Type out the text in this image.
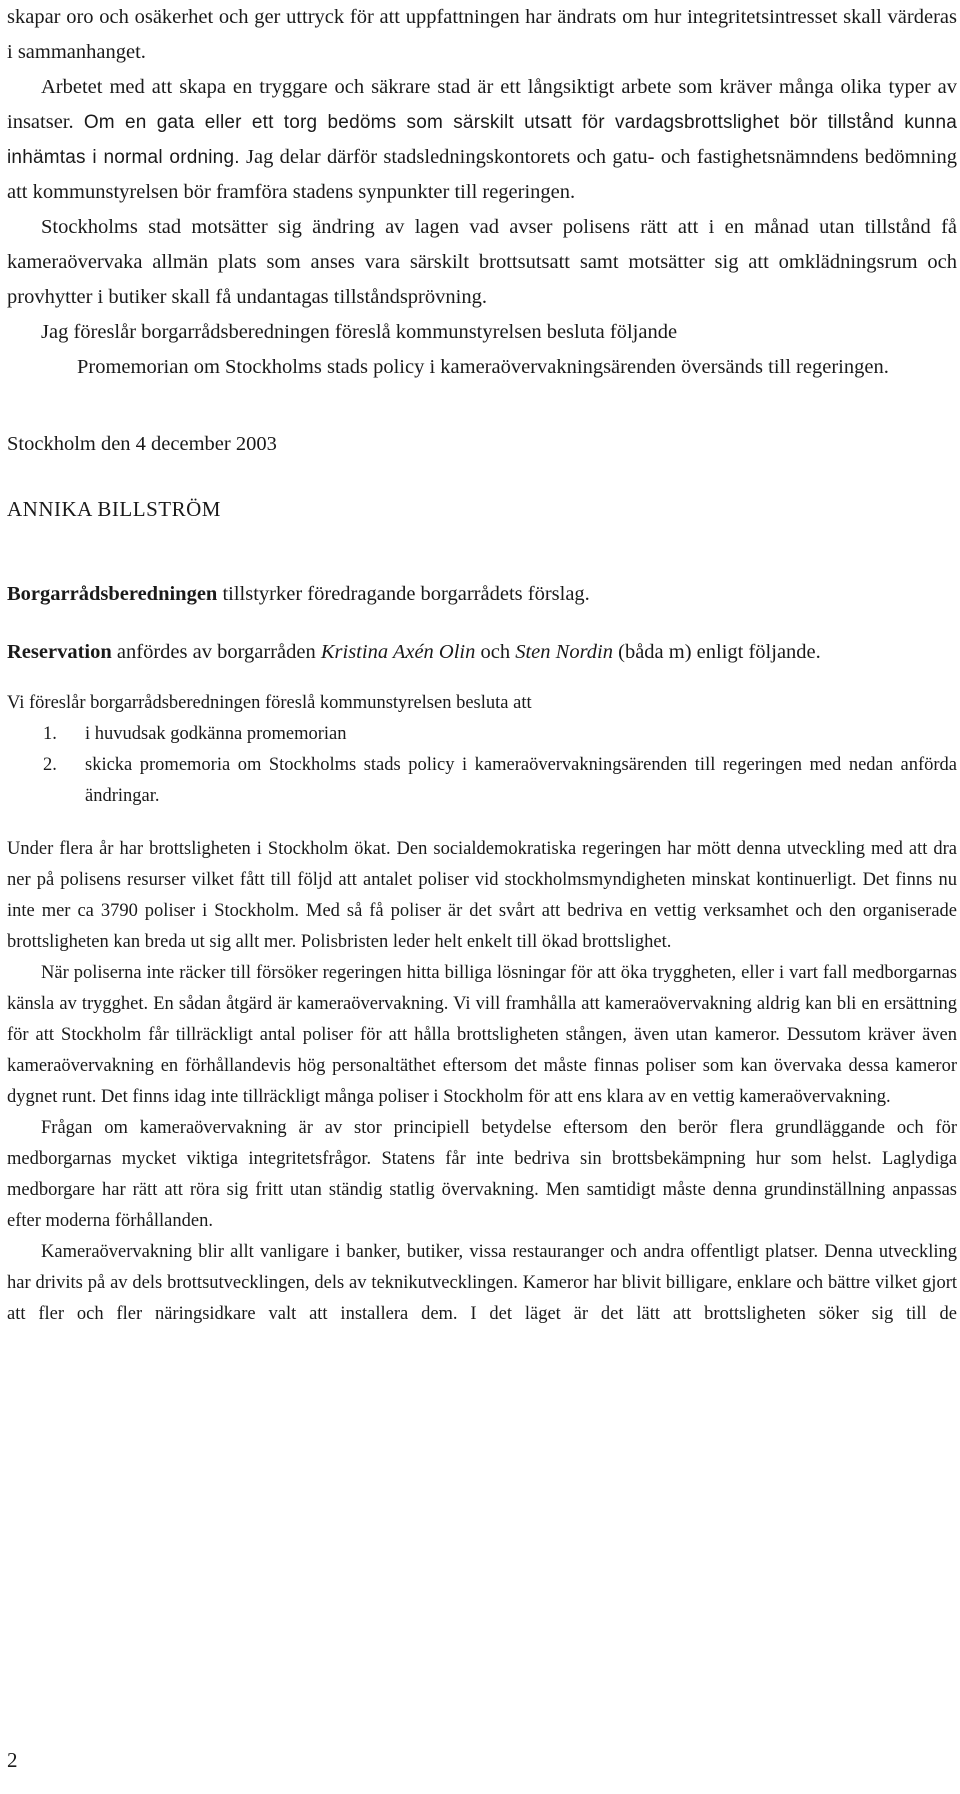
skapar oro och osäkerhet och ger uttryck för att uppfattningen har ändrats om hur integritetsintresset skall värderas i sammanhanget.

Arbetet med att skapa en tryggare och säkrare stad är ett långsiktigt arbete som kräver många olika typer av insatser. Om en gata eller ett torg bedöms som särskilt utsatt för vardagsbrottslighet bör tillstånd kunna inhämtas i normal ordning. Jag delar därför stadsledningskontorets och gatu- och fastighetsnämndens bedömning att kommunstyrelsen bör framföra stadens synpunkter till regeringen.

Stockholms stad motsätter sig ändring av lagen vad avser polisens rätt att i en månad utan tillstånd få kameraövervaka allmän plats som anses vara särskilt brottsutsatt samt motsätter sig att omklädningsrum och provhytter i butiker skall få undantagas tillståndsprövning.

Jag föreslår borgarrådsberedningen föreslå kommunstyrelsen besluta följande

Promemorian om Stockholms stads policy i kameraövervakningsärenden översänds till regeringen.

Stockholm den 4 december 2003

ANNIKA BILLSTRÖM

Borgarrådsberedningen tillstyrker föredragande borgarrådets förslag.

Reservation anfördes av borgarråden Kristina Axén Olin och Sten Nordin (båda m) enligt följande.

Vi föreslår borgarrådsberedningen föreslå kommunstyrelsen besluta att

1. i huvudsak godkänna promemorian
2. skicka promemoria om Stockholms stads policy i kameraövervakningsärenden till regeringen med nedan anförda ändringar.

Under flera år har brottsligheten i Stockholm ökat. Den socialdemokratiska regeringen har mött denna utveckling med att dra ner på polisens resurser vilket fått till följd att antalet poliser vid stockholmsmyndigheten minskat kontinuerligt. Det finns nu inte mer ca 3790 poliser i Stockholm. Med så få poliser är det svårt att bedriva en vettig verksamhet och den organiserade brottsligheten kan breda ut sig allt mer. Polisbristen leder helt enkelt till ökad brottslighet.

När poliserna inte räcker till försöker regeringen hitta billiga lösningar för att öka tryggheten, eller i vart fall medborgarnas känsla av trygghet. En sådan åtgärd är kameraövervakning. Vi vill framhålla att kameraövervakning aldrig kan bli en ersättning för att Stockholm får tillräckligt antal poliser för att hålla brottsligheten stången, även utan kameror. Dessutom kräver även kameraövervakning en förhållandevis hög personaltäthet eftersom det måste finnas poliser som kan övervaka dessa kameror dygnet runt. Det finns idag inte tillräckligt många poliser i Stockholm för att ens klara av en vettig kameraövervakning.

Frågan om kameraövervakning är av stor principiell betydelse eftersom den berör flera grundläggande och för medborgarnas mycket viktiga integritetsfrågor. Statens får inte bedriva sin brottsbekämpning hur som helst. Laglydiga medborgare har rätt att röra sig fritt utan ständig statlig övervakning. Men samtidigt måste denna grundinställning anpassas efter moderna förhållanden.

Kameraövervakning blir allt vanligare i banker, butiker, vissa restauranger och andra offentligt platser. Denna utveckling har drivits på av dels brottsutvecklingen, dels av teknikutvecklingen. Kameror har blivit billigare, enklare och bättre vilket gjort att fler och fler näringsidkare valt att installera dem. I det läget är det lätt att brottsligheten söker sig till de

2
